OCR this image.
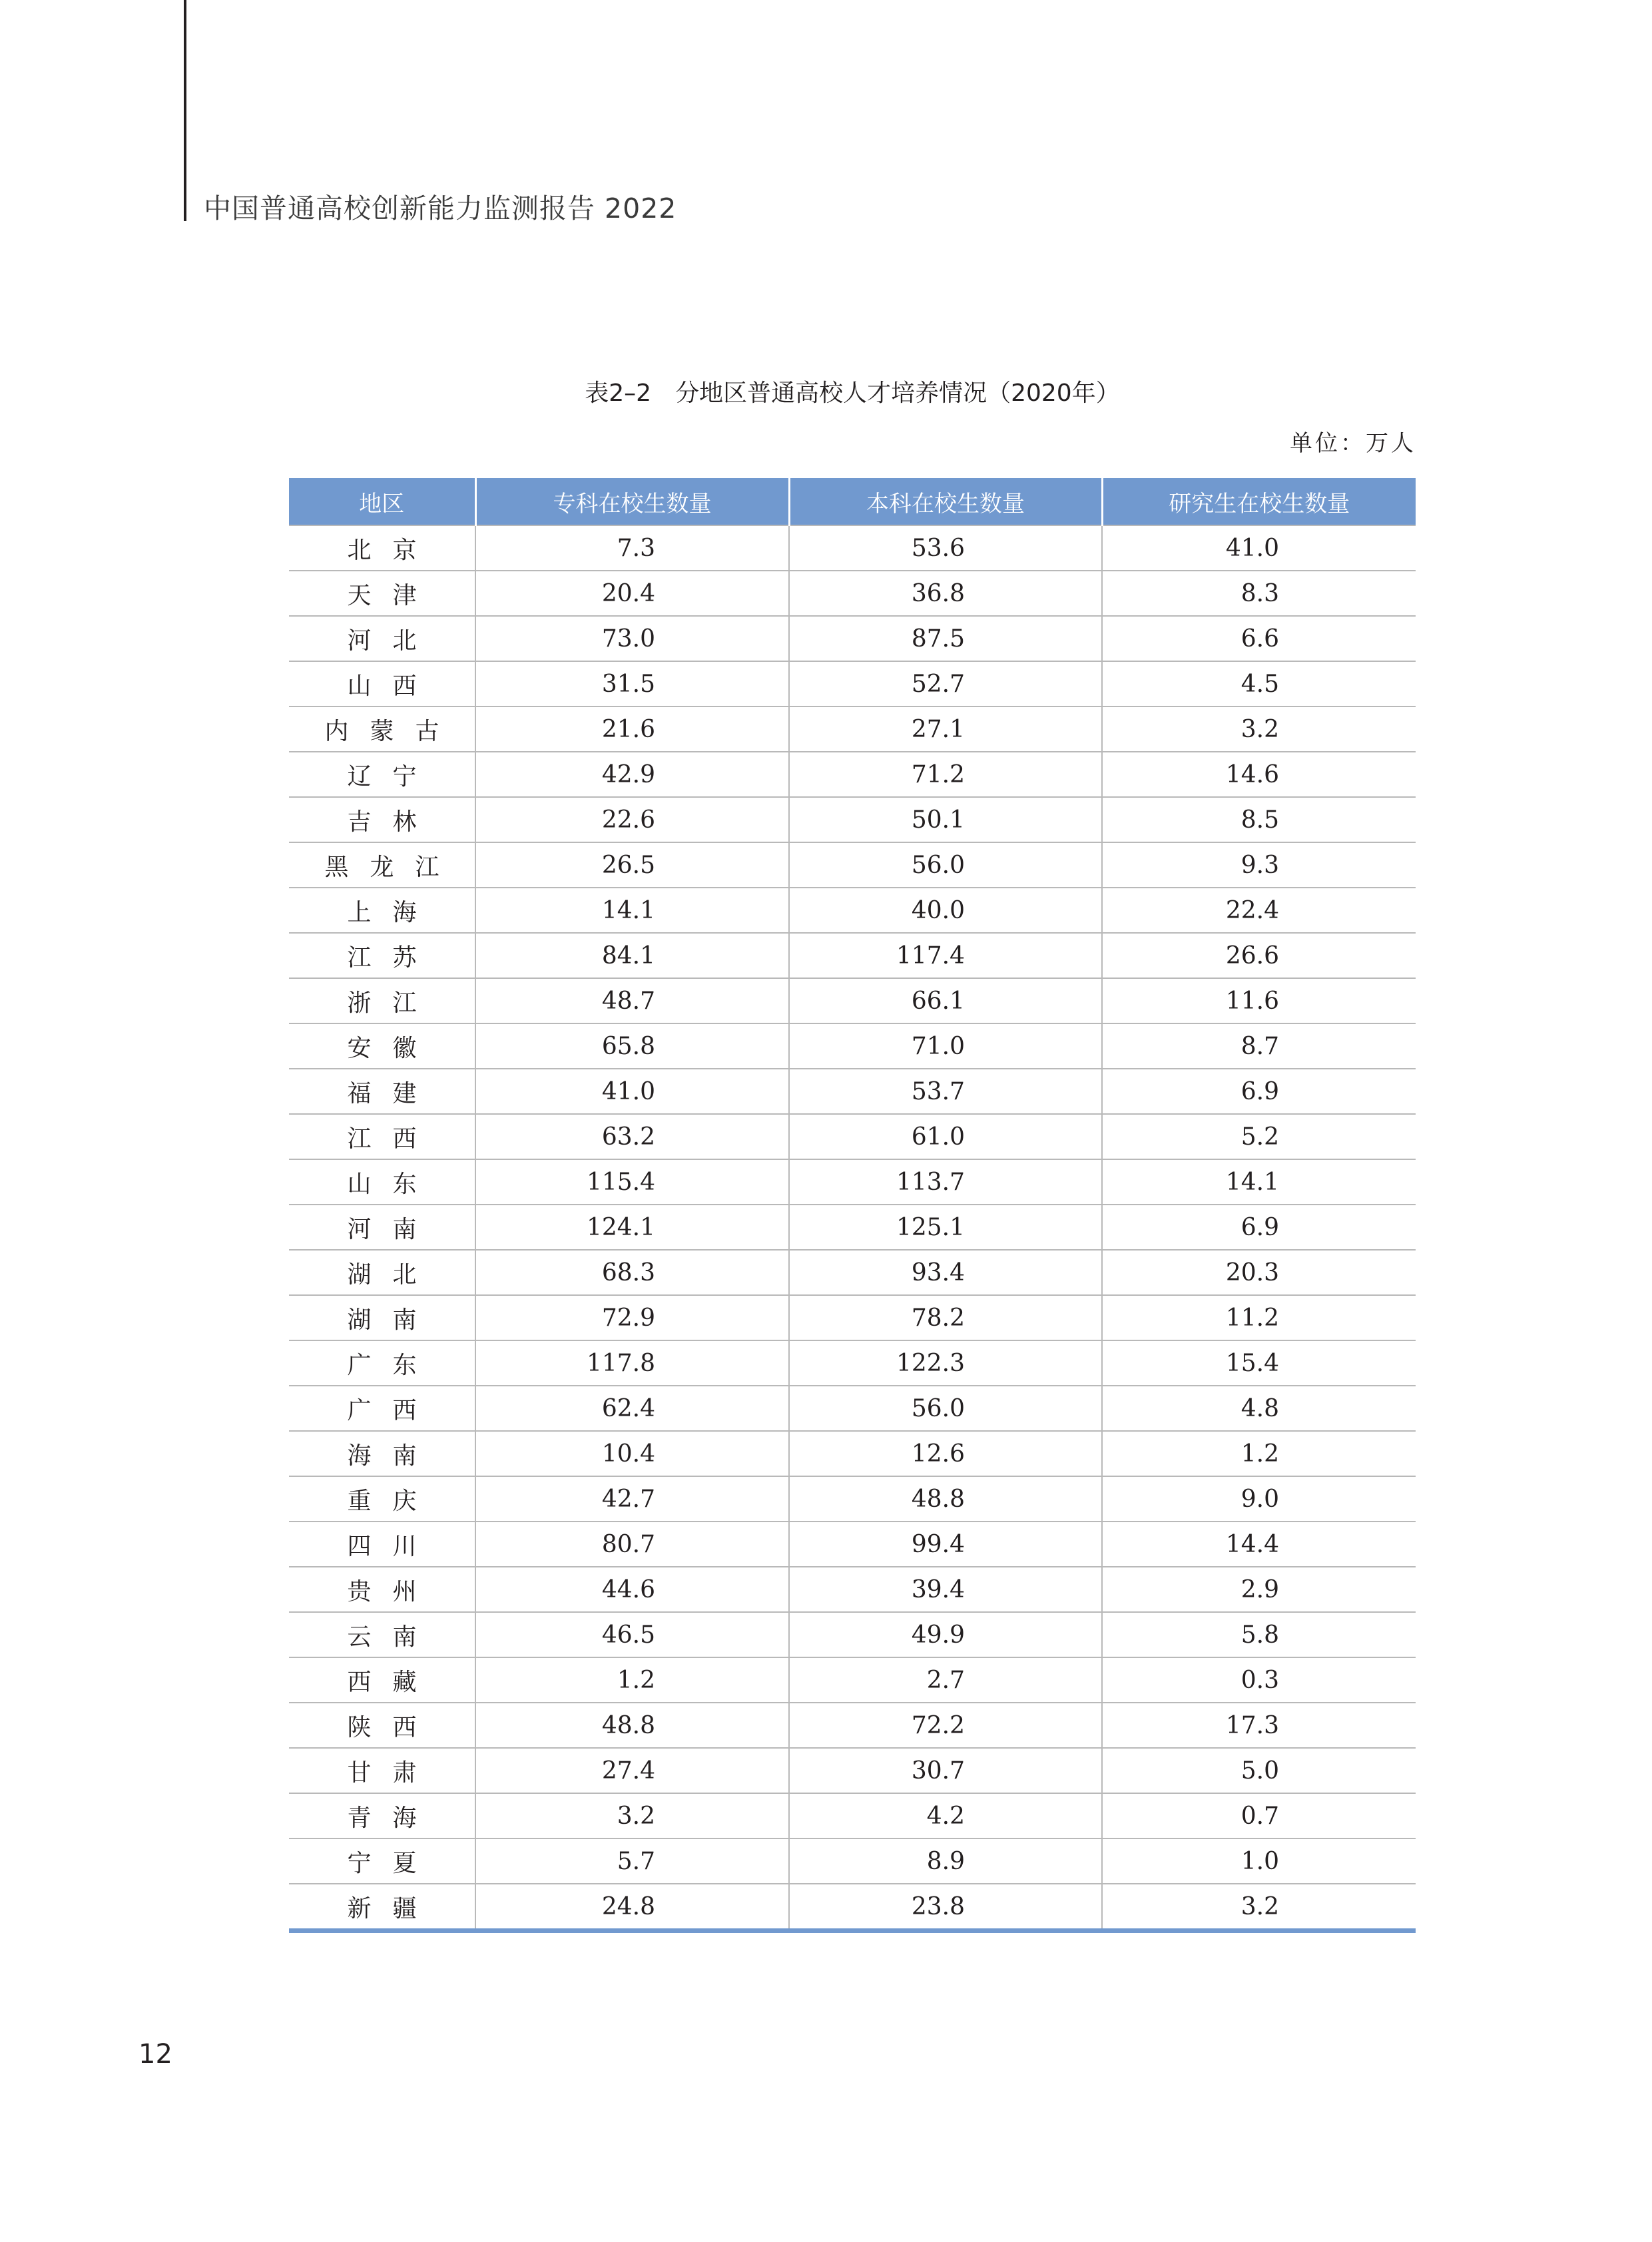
中国普通高校创新能力监测报告 2022
表2–2　分地区普通高校人才培养情况（2020年）
单位：万人
地区	专科在校生数量	本科在校生数量	研究生在校生数量
北京	7.3	53.6	41.0
天津	20.4	36.8	8.3
河北	73.0	87.5	6.6
山西	31.5	52.7	4.5
内蒙古	21.6	27.1	3.2
辽宁	42.9	71.2	14.6
吉林	22.6	50.1	8.5
黑龙江	26.5	56.0	9.3
上海	14.1	40.0	22.4
江苏	84.1	117.4	26.6
浙江	48.7	66.1	11.6
安徽	65.8	71.0	8.7
福建	41.0	53.7	6.9
江西	63.2	61.0	5.2
山东	115.4	113.7	14.1
河南	124.1	125.1	6.9
湖北	68.3	93.4	20.3
湖南	72.9	78.2	11.2
广东	117.8	122.3	15.4
广西	62.4	56.0	4.8
海南	10.4	12.6	1.2
重庆	42.7	48.8	9.0
四川	80.7	99.4	14.4
贵州	44.6	39.4	2.9
云南	46.5	49.9	5.8
西藏	1.2	2.7	0.3
陕西	48.8	72.2	17.3
甘肃	27.4	30.7	5.0
青海	3.2	4.2	0.7
宁夏	5.7	8.9	1.0
新疆	24.8	23.8	3.2
12
